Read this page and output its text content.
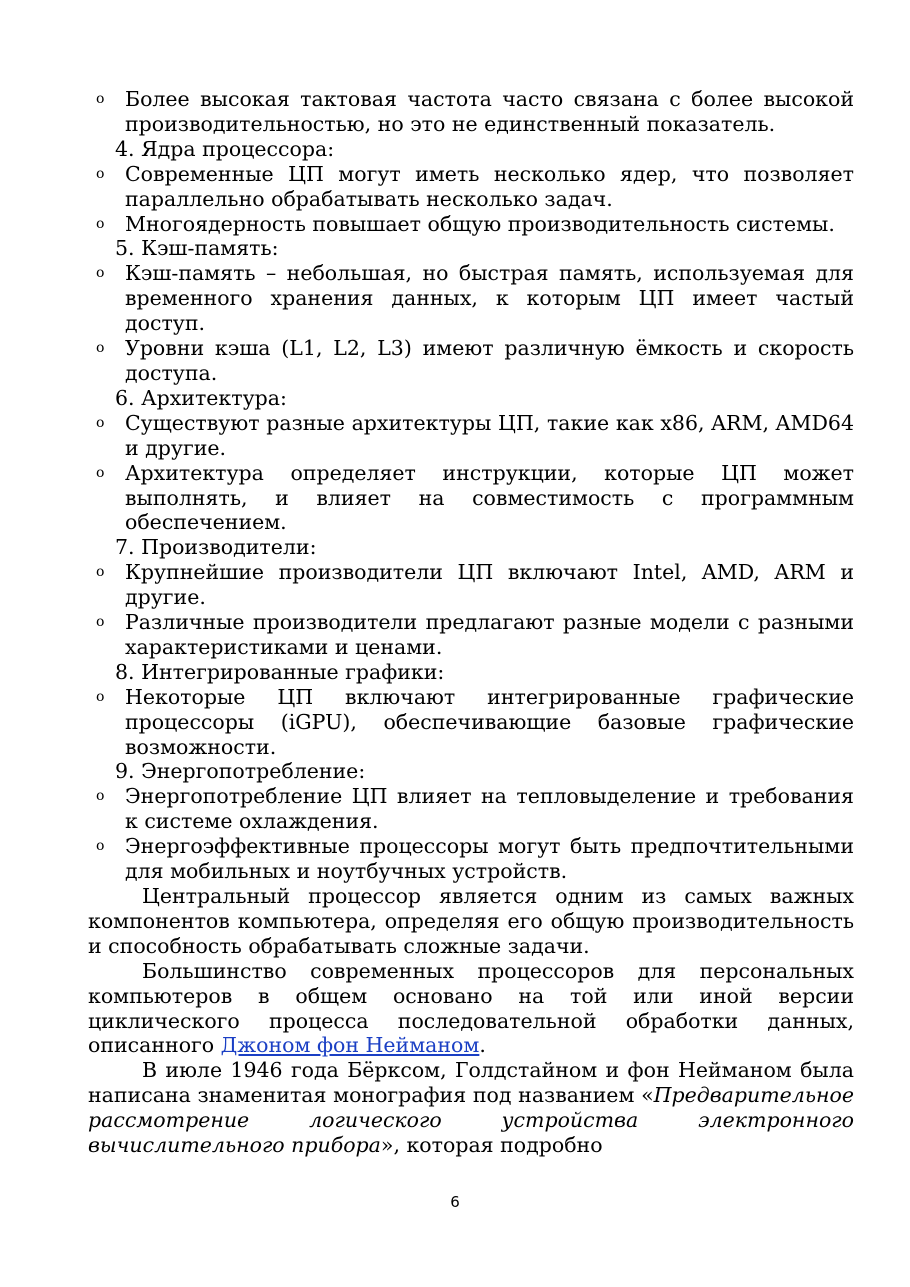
o Более высокая тактовая частота часто связана с более высокой производительностью, но это не единственный показатель.
4. Ядра процессора:
o Современные ЦП могут иметь несколько ядер, что позволяет параллельно обрабатывать несколько задач.
o Многоядерность повышает общую производительность системы.
5. Кэш-память:
o Кэш-память – небольшая, но быстрая память, используемая для временного хранения данных, к которым ЦП имеет частый доступ.
o Уровни кэша (L1, L2, L3) имеют различную ёмкость и скорость доступа.
6. Архитектура:
o Существуют разные архитектуры ЦП, такие как x86, ARM, AMD64 и другие.
o Архитектура определяет инструкции, которые ЦП может выполнять, и влияет на совместимость с программным обеспечением.
7. Производители:
o Крупнейшие производители ЦП включают Intel, AMD, ARM и другие.
o Различные производители предлагают разные модели с разными характеристиками и ценами.
8. Интегрированные графики:
o Некоторые ЦП включают интегрированные графические процессоры (iGPU), обеспечивающие базовые графические возможности.
9. Энергопотребление:
o Энергопотребление ЦП влияет на тепловыделение и требования к системе охлаждения.
o Энергоэффективные процессоры могут быть предпочтительными для мобильных и ноутбучных устройств.

Центральный процессор является одним из самых важных компонентов компьютера, определяя его общую производительность и способность обрабатывать сложные задачи.

Большинство современных процессоров для персональных компьютеров в общем основано на той или иной версии циклического процесса последовательной обработки данных, описанного Джоном фон Нейманом.

В июле 1946 года Бёрксом, Голдстайном и фон Нейманом была написана знаменитая монография под названием «Предварительное рассмотрение логического устройства электронного вычислительного прибора», которая подробно

6
